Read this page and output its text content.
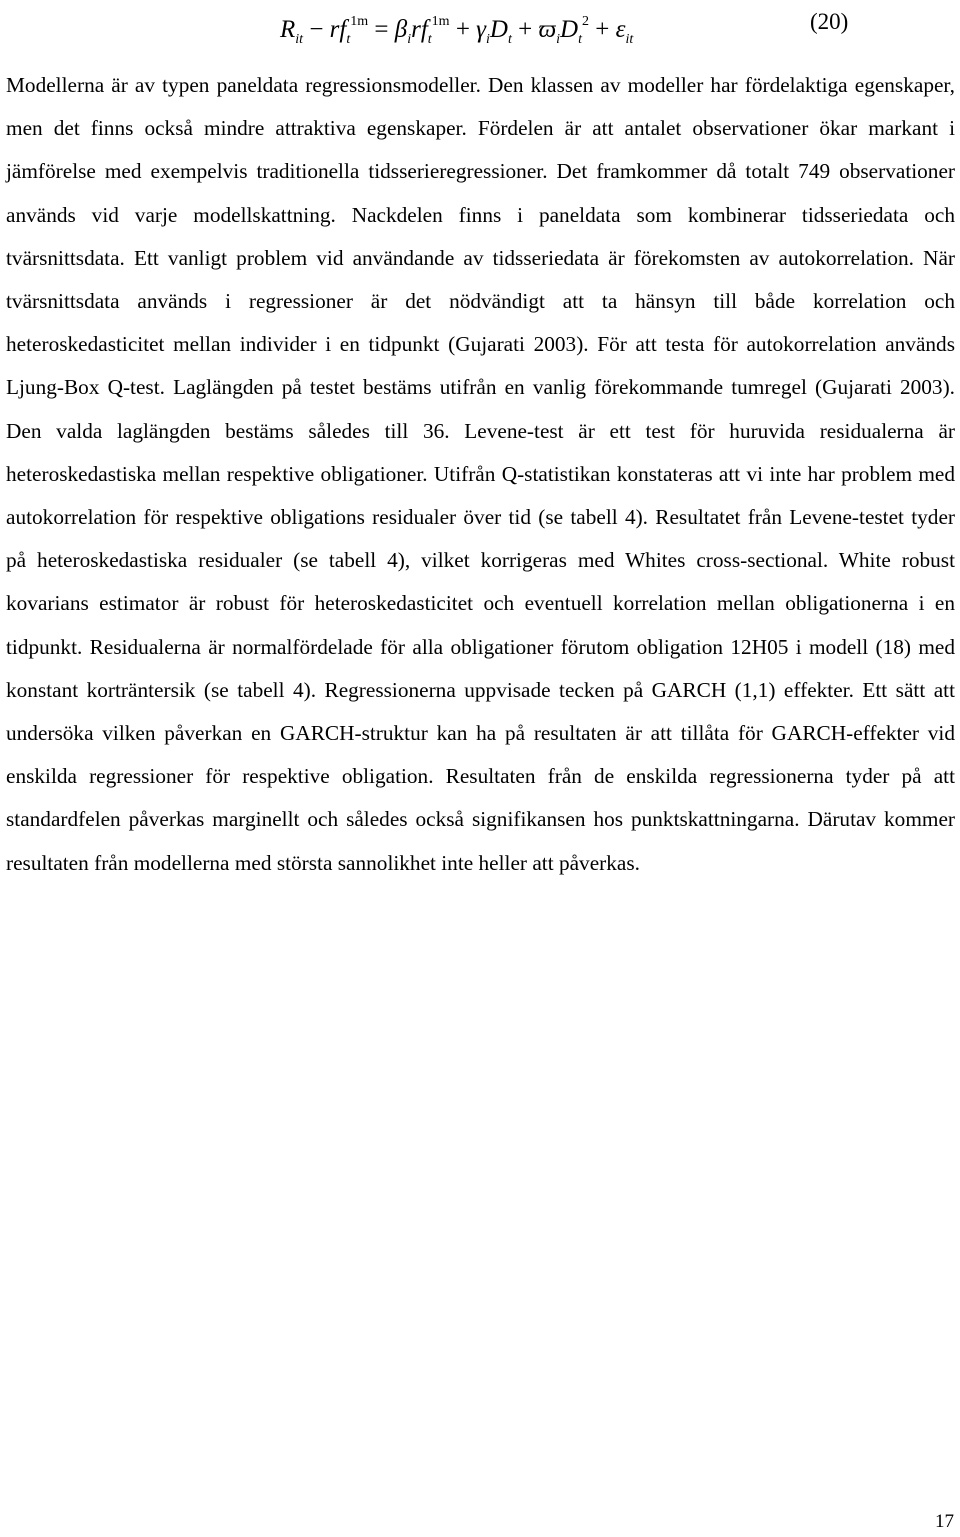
$R_{it} - rf_t^{1m} = \beta_irf_t^{1m} + \gamma_iD_t + ϖ_iD_t^2 + \varepsilon_{it}$
(20)

Modellerna är av typen paneldata regressionsmodeller. Den klassen av modeller har fördelaktiga egenskaper, men det finns också mindre attraktiva egenskaper. Fördelen är att antalet observationer ökar markant i jämförelse med exempelvis traditionella tidsserieregressioner. Det framkommer då totalt 749 observationer används vid varje modellskattning. Nackdelen finns i paneldata som kombinerar tidsseriedata och tvärsnittsdata. Ett vanligt problem vid användande av tidsseriedata är förekomsten av autokorrelation. När tvärsnittsdata används i regressioner är det nödvändigt att ta hänsyn till både korrelation och heteroskedasticitet mellan individer i en tidpunkt (Gujarati 2003). För att testa för autokorrelation används Ljung-Box Q-test. Laglängden på testet bestäms utifrån en vanlig förekommande tumregel (Gujarati 2003). Den valda laglängden bestäms således till 36. Levene-test är ett test för huruvida residualerna är heteroskedastiska mellan respektive obligationer. Utifrån Q-statistikan konstateras att vi inte har problem med autokorrelation för respektive obligations residualer över tid (se tabell 4). Resultatet från Levene-testet tyder på heteroskedastiska residualer (se tabell 4), vilket korrigeras med Whites cross-sectional. White robust kovarians estimator är robust för heteroskedasticitet och eventuell korrelation mellan obligationerna i en tidpunkt. Residualerna är normalfördelade för alla obligationer förutom obligation 12H05 i modell (18) med konstant korträntersik (se tabell 4). Regressionerna uppvisade tecken på GARCH (1,1) effekter. Ett sätt att undersöka vilken påverkan en GARCH-struktur kan ha på resultaten är att tillåta för GARCH-effekter vid enskilda regressioner för respektive obligation. Resultaten från de enskilda regressionerna tyder på att standardfelen påverkas marginellt och således också signifikansen hos punktskattningarna. Därutav kommer resultaten från modellerna med största sannolikhet inte heller att påverkas.

17
